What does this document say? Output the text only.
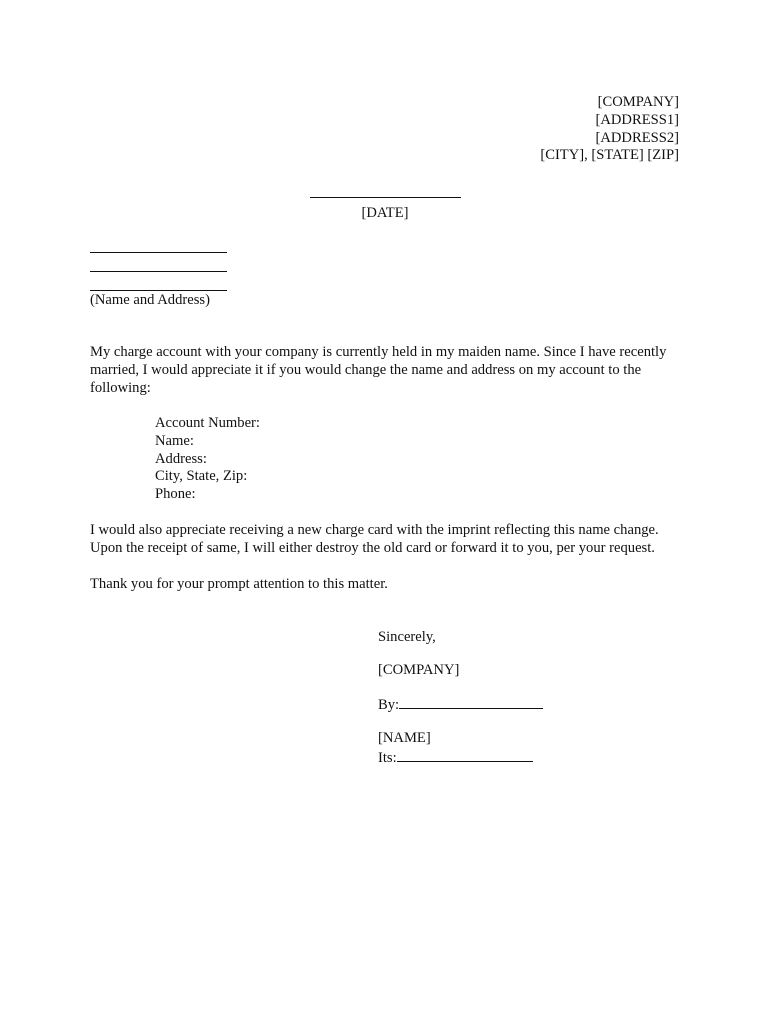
[COMPANY]
[ADDRESS1]
[ADDRESS2]
[CITY], [STATE] [ZIP]
[DATE]
(Name and Address)
My charge account with your company is currently held in my maiden name. Since I have recently married, I would appreciate it if you would change the name and address on my account to the following:
Account Number:
Name:
Address:
City, State, Zip:
Phone:
I would also appreciate receiving a new charge card with the imprint reflecting this name change. Upon the receipt of same, I will either destroy the old card or forward it to you, per your request.
Thank you for your prompt attention to this matter.
Sincerely,
[COMPANY]
By:
[NAME]
Its:
